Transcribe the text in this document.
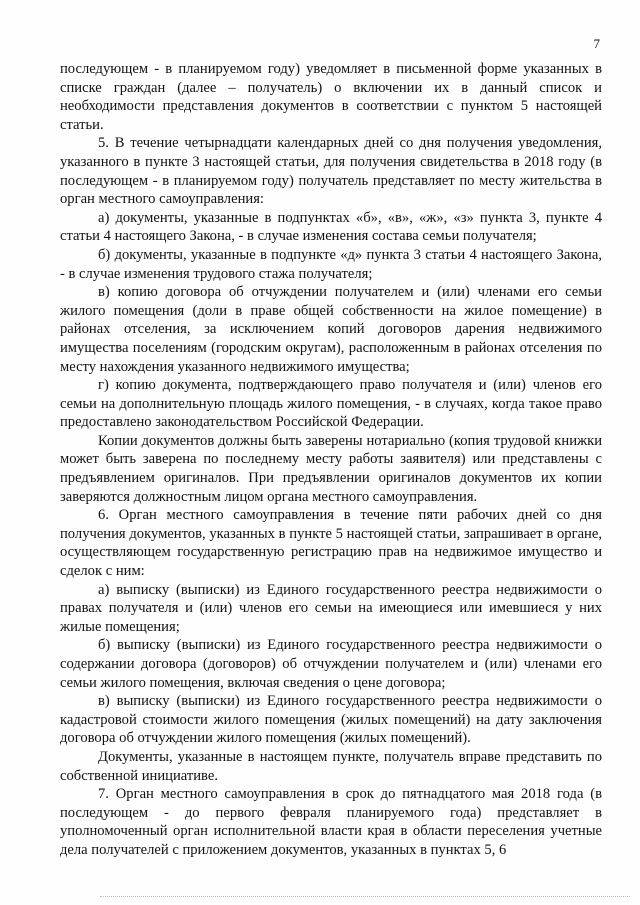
7

последующем - в планируемом году) уведомляет в письменной форме указанных в списке граждан (далее – получатель) о включении их в данный список и необходимости представления документов в соответствии с пунктом 5 настоящей статьи.

5. В течение четырнадцати календарных дней со дня получения уведомления, указанного в пункте 3 настоящей статьи, для получения свидетельства в 2018 году (в последующем - в планируемом году) получатель представляет по месту жительства в орган местного самоуправления:

а) документы, указанные в подпунктах «б», «в», «ж», «з» пункта 3, пункте 4 статьи 4 настоящего Закона, - в случае изменения состава семьи получателя;

б) документы, указанные в подпункте «д» пункта 3 статьи 4 настоящего Закона, - в случае изменения трудового стажа получателя;

в) копию договора об отчуждении получателем и (или) членами его семьи жилого помещения (доли в праве общей собственности на жилое помещение) в районах отселения, за исключением копий договоров дарения недвижимого имущества поселениям (городским округам), расположенным в районах отселения по месту нахождения указанного недвижимого имущества;

г) копию документа, подтверждающего право получателя и (или) членов его семьи на дополнительную площадь жилого помещения, - в случаях, когда такое право предоставлено законодательством Российской Федерации.

Копии документов должны быть заверены нотариально (копия трудовой книжки может быть заверена по последнему месту работы заявителя) или представлены с предъявлением оригиналов. При предъявлении оригиналов документов их копии заверяются должностным лицом органа местного самоуправления.

6. Орган местного самоуправления в течение пяти рабочих дней со дня получения документов, указанных в пункте 5 настоящей статьи, запрашивает в органе, осуществляющем государственную регистрацию прав на недвижимое имущество и сделок с ним:

а) выписку (выписки) из Единого государственного реестра недвижимости о правах получателя и (или) членов его семьи на имеющиеся или имевшиеся у них жилые помещения;

б) выписку (выписки) из Единого государственного реестра недвижимости о содержании договора (договоров) об отчуждении получателем и (или) членами его семьи жилого помещения, включая сведения о цене договора;

в) выписку (выписки) из Единого государственного реестра недвижимости о кадастровой стоимости жилого помещения (жилых помещений) на дату заключения договора об отчуждении жилого помещения (жилых помещений).

Документы, указанные в настоящем пункте, получатель вправе представить по собственной инициативе.

7. Орган местного самоуправления в срок до пятнадцатого мая 2018 года (в последующем - до первого февраля планируемого года) представляет в уполномоченный орган исполнительной власти края в области переселения учетные дела получателей с приложением документов, указанных в пунктах 5, 6
